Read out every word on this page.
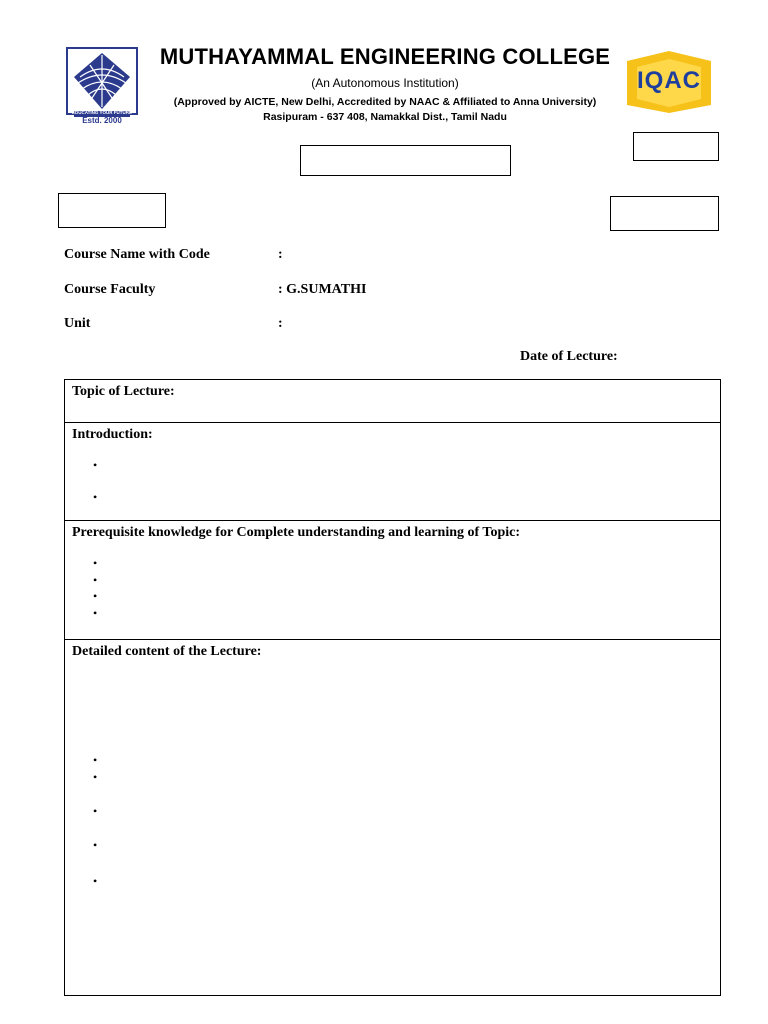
EDUCATING YOUR FUTURE
Estd. 2000
MUTHAYAMMAL ENGINEERING COLLEGE
(An Autonomous Institution)
(Approved by AICTE, New Delhi, Accredited by NAAC & Affiliated to Anna University)
Rasipuram - 637 408, Namakkal Dist., Tamil Nadu
IQAC
Course Name with Code	:
Course Faculty	: G.SUMATHI
Unit	:
Date of Lecture:
Topic of Lecture:
Introduction:
•
•
Prerequisite knowledge for Complete understanding and learning of Topic:
•
•
•
•
Detailed content of the Lecture:
•
•
•
•
•
